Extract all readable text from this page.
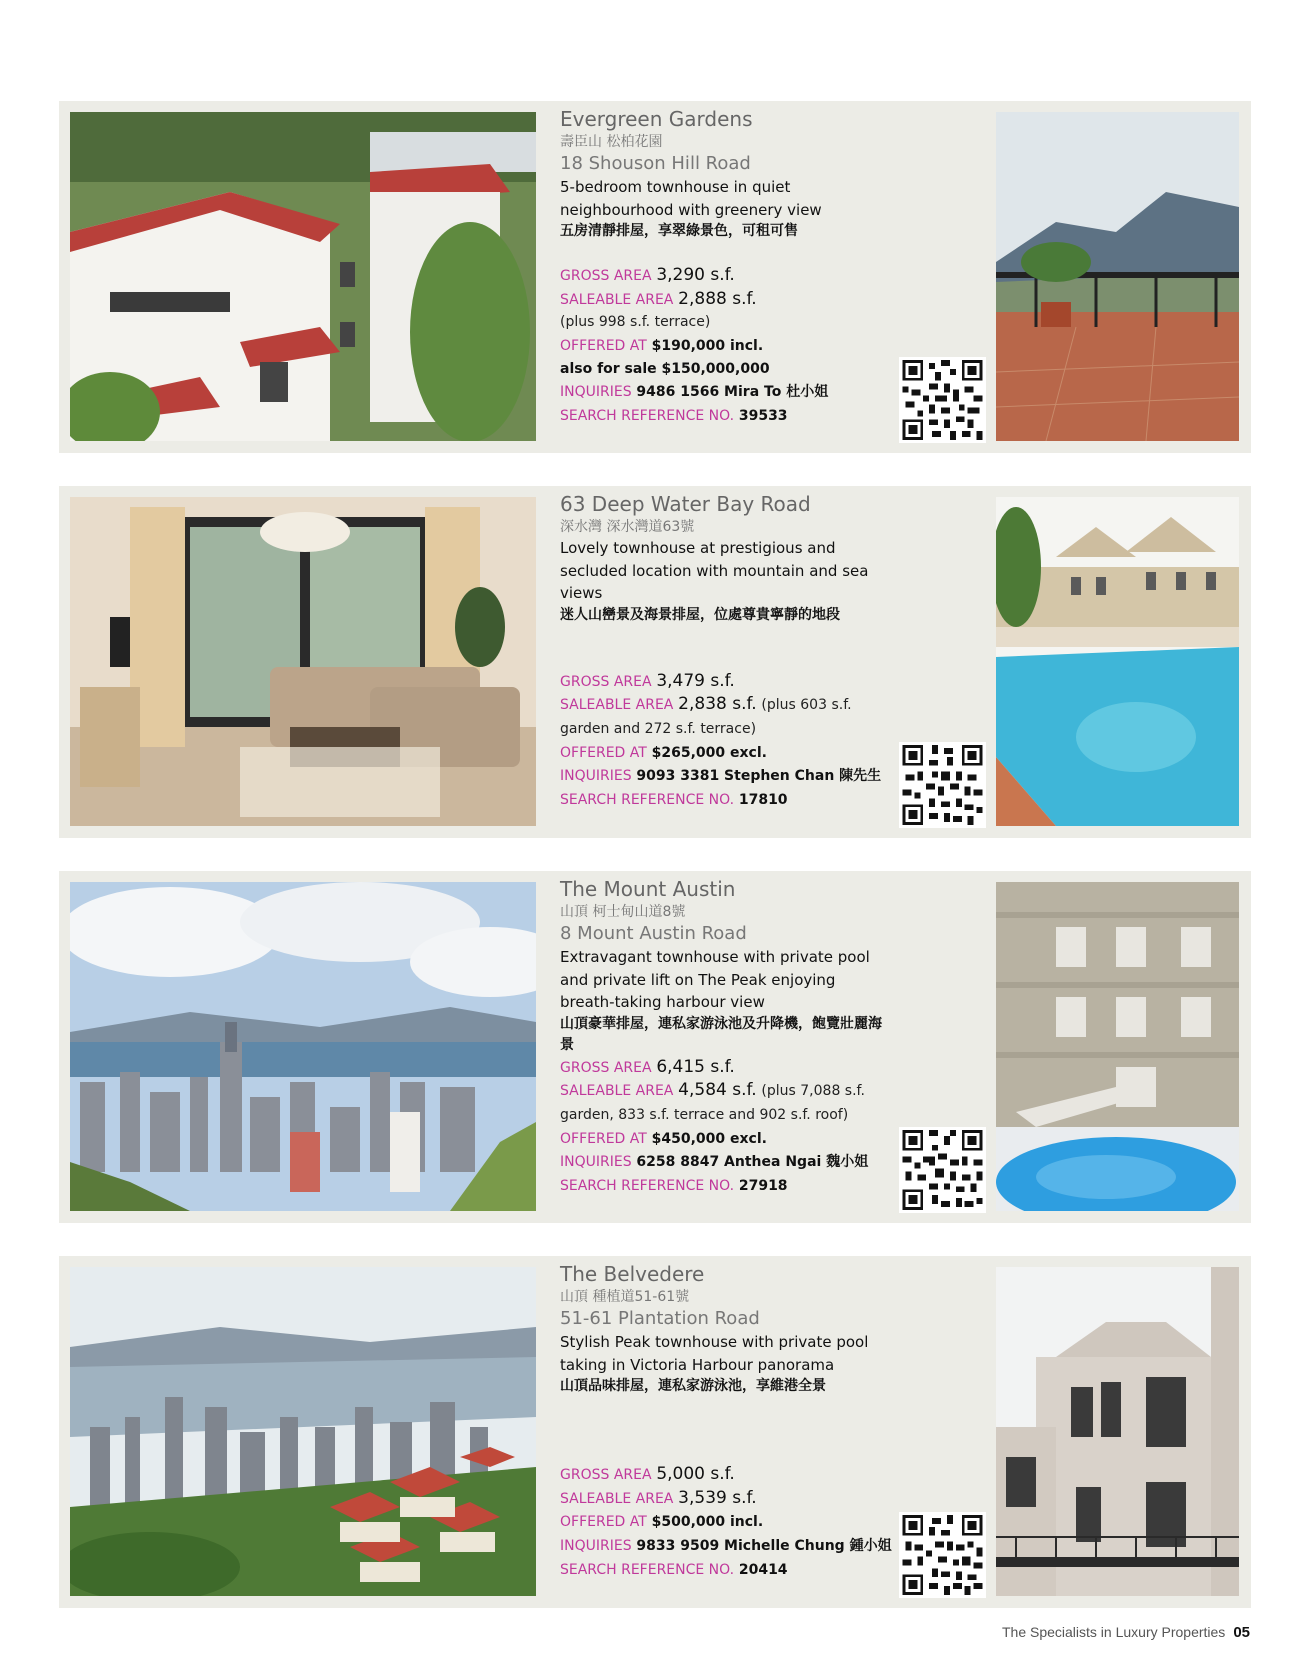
Evergreen Gardens
壽臣山 松柏花園
18 Shouson Hill Road
5-bedroom townhouse in quiet neighbourhood with greenery view
五房清靜排屋，享翠綠景色，可租可售
GROSS AREA 3,290 s.f.
SALEABLE AREA 2,888 s.f.
(plus 998 s.f. terrace)
OFFERED AT $190,000 incl.
also for sale $150,000,000
INQUIRIES 9486 1566 Mira To 杜小姐
SEARCH REFERENCE NO. 39533
63 Deep Water Bay Road
深水灣 深水灣道63號
Lovely townhouse at prestigious and secluded location with mountain and sea views
迷人山巒景及海景排屋，位處尊貴寧靜的地段
GROSS AREA 3,479 s.f.
SALEABLE AREA 2,838 s.f. (plus 603 s.f. garden and 272 s.f. terrace)
OFFERED AT $265,000 excl.
INQUIRIES 9093 3381 Stephen Chan 陳先生
SEARCH REFERENCE NO. 17810
The Mount Austin
山頂 柯士甸山道8號
8 Mount Austin Road
Extravagant townhouse with private pool and private lift on The Peak enjoying breath-taking harbour view
山頂豪華排屋，連私家游泳池及升降機，飽覽壯麗海景
GROSS AREA 6,415 s.f.
SALEABLE AREA 4,584 s.f. (plus 7,088 s.f. garden, 833 s.f. terrace and 902 s.f. roof)
OFFERED AT $450,000 excl.
INQUIRIES 6258 8847 Anthea Ngai 魏小姐
SEARCH REFERENCE NO. 27918
The Belvedere
山頂 種植道51-61號
51-61 Plantation Road
Stylish Peak townhouse with private pool taking in Victoria Harbour panorama
山頂品味排屋，連私家游泳池，享維港全景
GROSS AREA 5,000 s.f.
SALEABLE AREA 3,539 s.f.
OFFERED AT $500,000 incl.
INQUIRIES 9833 9509 Michelle Chung 鍾小姐
SEARCH REFERENCE NO. 20414
The Specialists in Luxury Properties 05
